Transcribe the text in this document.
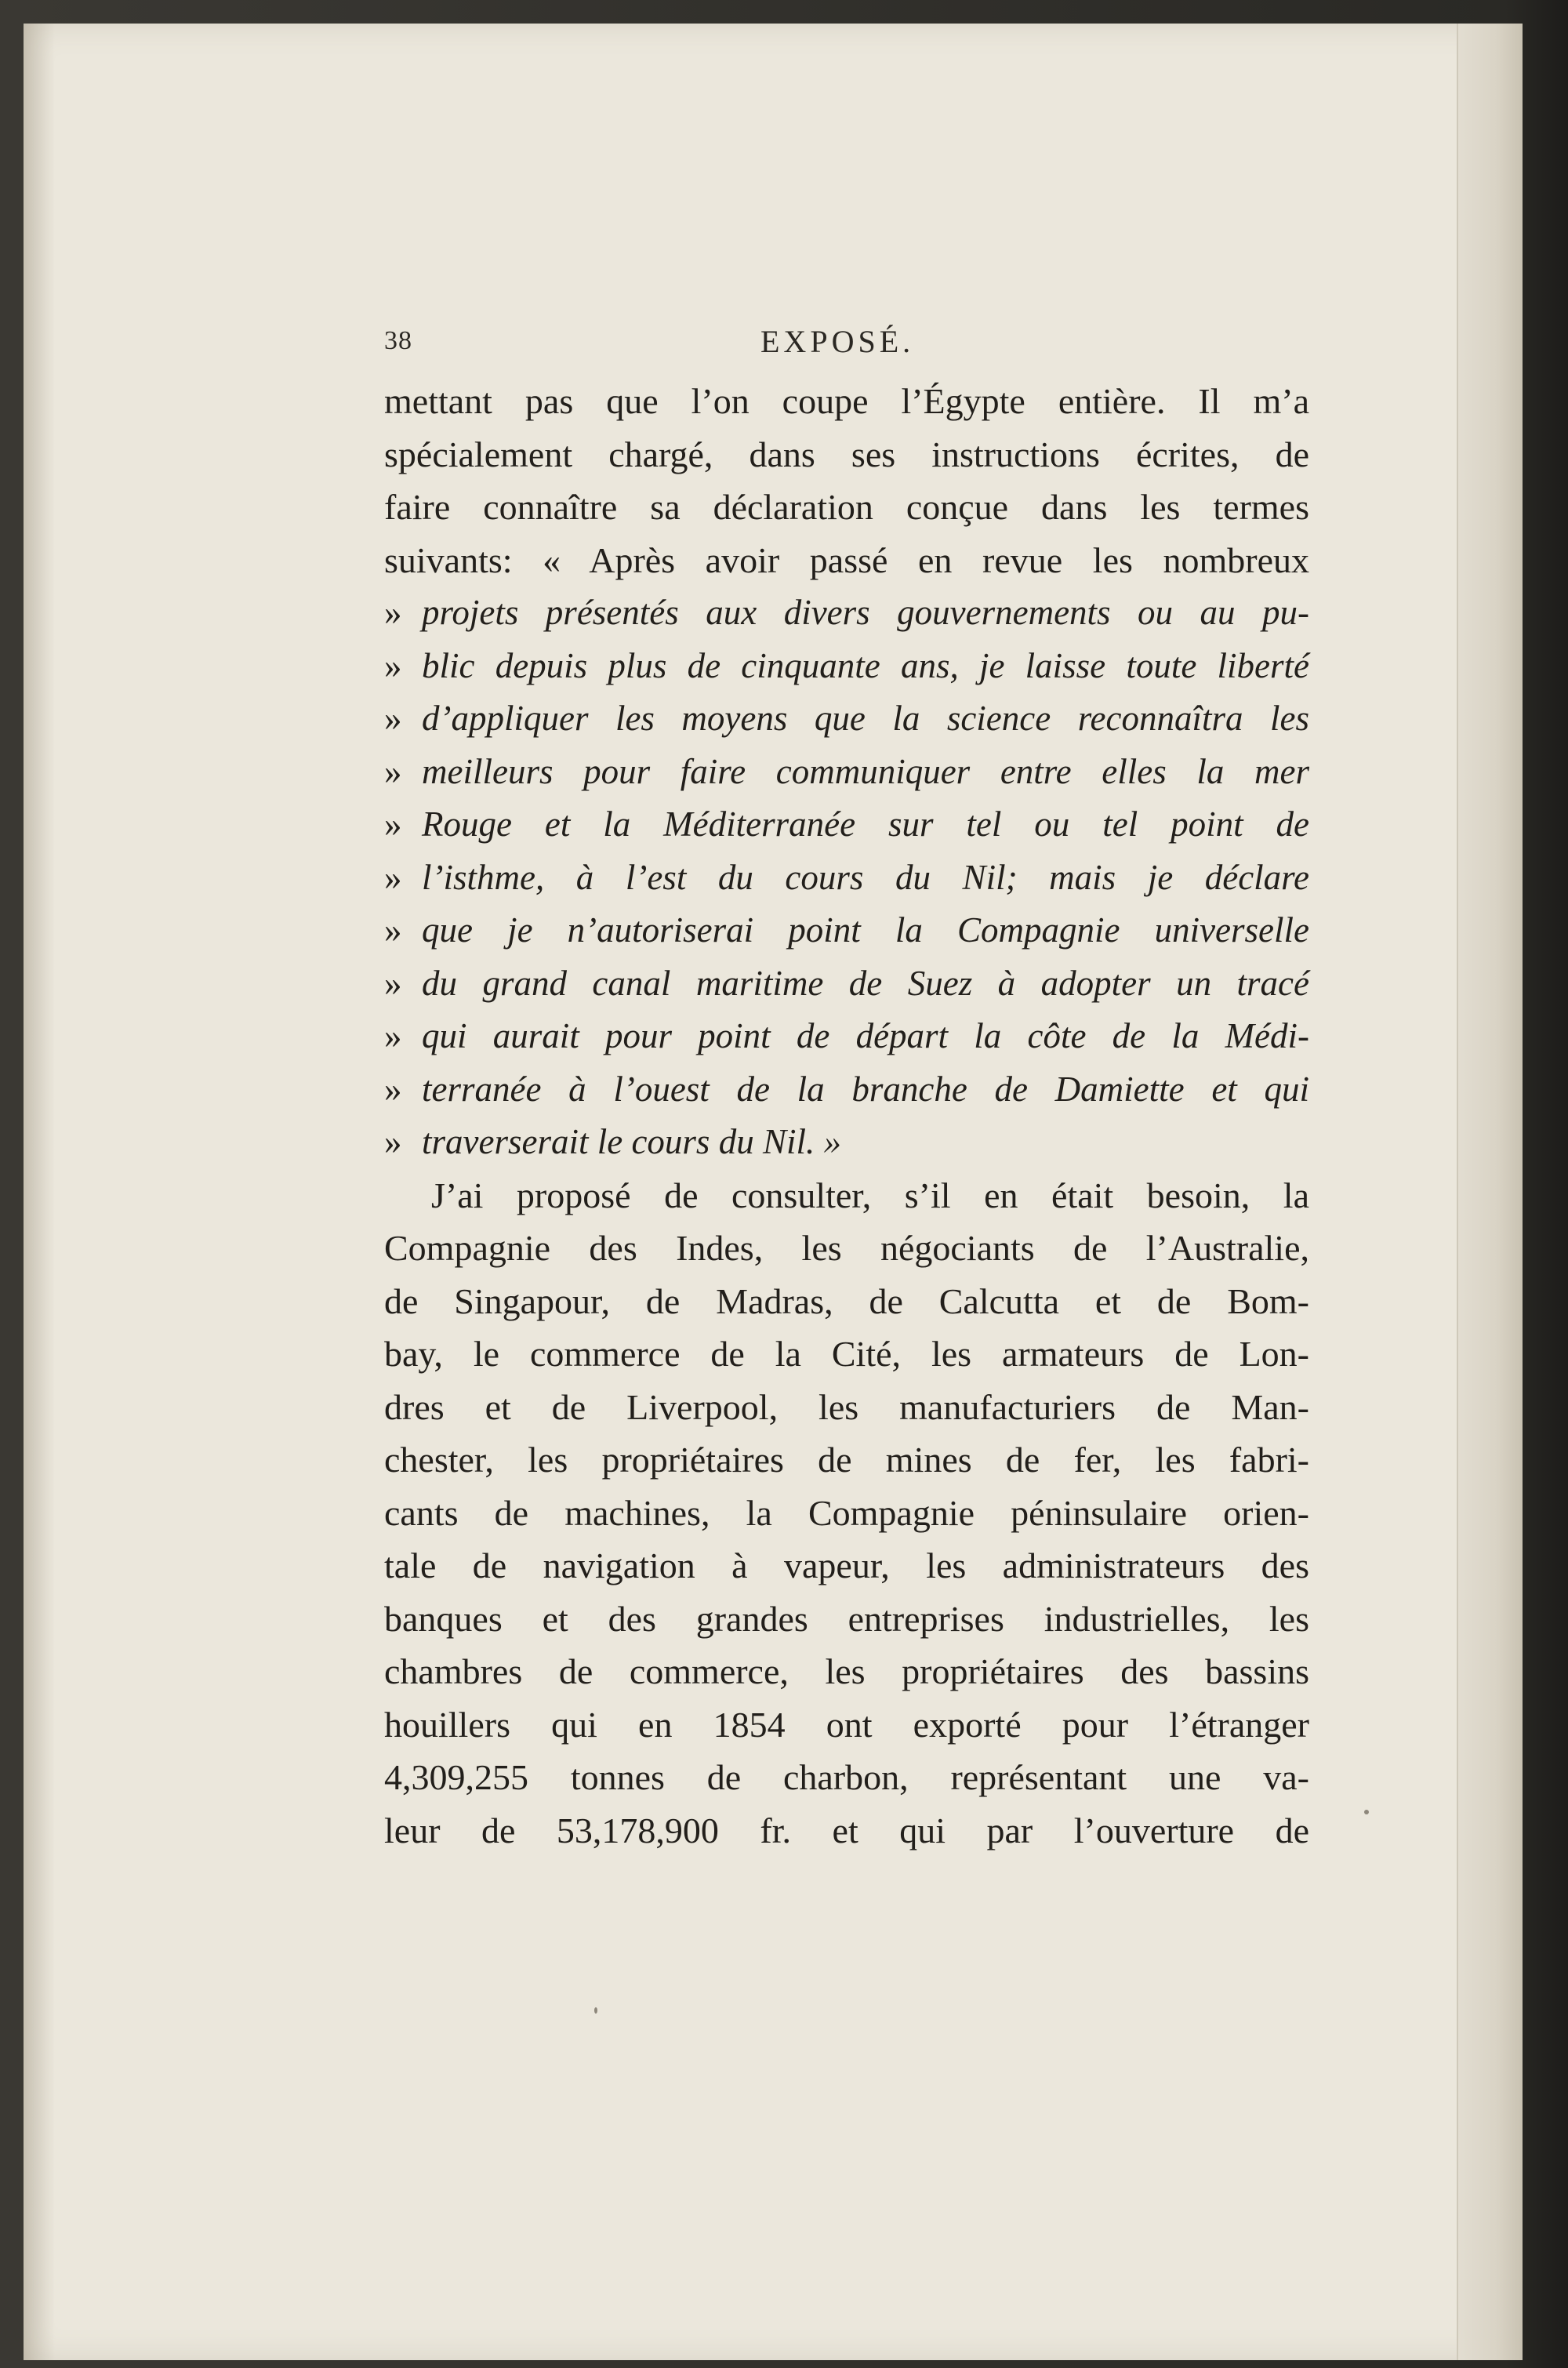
38	EXPOSÉ.
mettant pas que l’on coupe l’Égypte entière. Il m’a
spécialement chargé, dans ses instructions écrites, de
faire connaître sa déclaration conçue dans les termes
suivants: « Après avoir passé en revue les nombreux
» projets présentés aux divers gouvernements ou au pu-
» blic depuis plus de cinquante ans, je laisse toute liberté
» d’appliquer les moyens que la science reconnaîtra les
» meilleurs pour faire communiquer entre elles la mer
» Rouge et la Méditerranée sur tel ou tel point de
» l’isthme, à l’est du cours du Nil; mais je déclare
» que je n’autoriserai point la Compagnie universelle
» du grand canal maritime de Suez à adopter un tracé
» qui aurait pour point de départ la côte de la Médi-
» terranée à l’ouest de la branche de Damiette et qui
» traverserait le cours du Nil. »
J’ai proposé de consulter, s’il en était besoin, la
Compagnie des Indes, les négociants de l’Australie,
de Singapour, de Madras, de Calcutta et de Bom-
bay, le commerce de la Cité, les armateurs de Lon-
dres et de Liverpool, les manufacturiers de Man-
chester, les propriétaires de mines de fer, les fabri-
cants de machines, la Compagnie péninsulaire orien-
tale de navigation à vapeur, les administrateurs des
banques et des grandes entreprises industrielles, les
chambres de commerce, les propriétaires des bassins
houillers qui en 1854 ont exporté pour l’étranger
4,309,255 tonnes de charbon, représentant une va-
leur de 53,178,900 fr. et qui par l’ouverture de
